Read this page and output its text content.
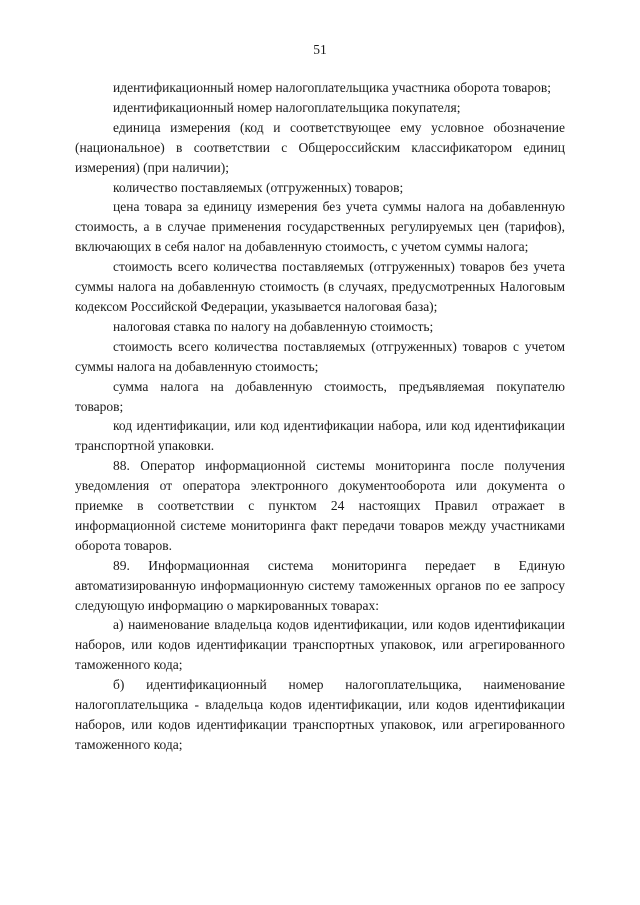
51

идентификационный номер налогоплательщика участника оборота товаров;

идентификационный номер налогоплательщика покупателя;

единица измерения (код и соответствующее ему условное обозначение (национальное) в соответствии с Общероссийским классификатором единиц измерения) (при наличии);

количество поставляемых (отгруженных) товаров;

цена товара за единицу измерения без учета суммы налога на добавленную стоимость, а в случае применения государственных регулируемых цен (тарифов), включающих в себя налог на добавленную стоимость, с учетом суммы налога;

стоимость всего количества поставляемых (отгруженных) товаров без учета суммы налога на добавленную стоимость (в случаях, предусмотренных Налоговым кодексом Российской Федерации, указывается налоговая база);

налоговая ставка по налогу на добавленную стоимость;

стоимость всего количества поставляемых (отгруженных) товаров с учетом суммы налога на добавленную стоимость;

сумма налога на добавленную стоимость, предъявляемая покупателю товаров;

код идентификации, или код идентификации набора, или код идентификации транспортной упаковки.

88. Оператор информационной системы мониторинга после получения уведомления от оператора электронного документооборота или документа о приемке в соответствии с пунктом 24 настоящих Правил отражает в информационной системе мониторинга факт передачи товаров между участниками оборота товаров.

89. Информационная система мониторинга передает в Единую автоматизированную информационную систему таможенных органов по ее запросу следующую информацию о маркированных товарах:

а) наименование владельца кодов идентификации, или кодов идентификации наборов, или кодов идентификации транспортных упаковок, или агрегированного таможенного кода;

б) идентификационный номер налогоплательщика, наименование налогоплательщика - владельца кодов идентификации, или кодов идентификации наборов, или кодов идентификации транспортных упаковок, или агрегированного таможенного кода;
